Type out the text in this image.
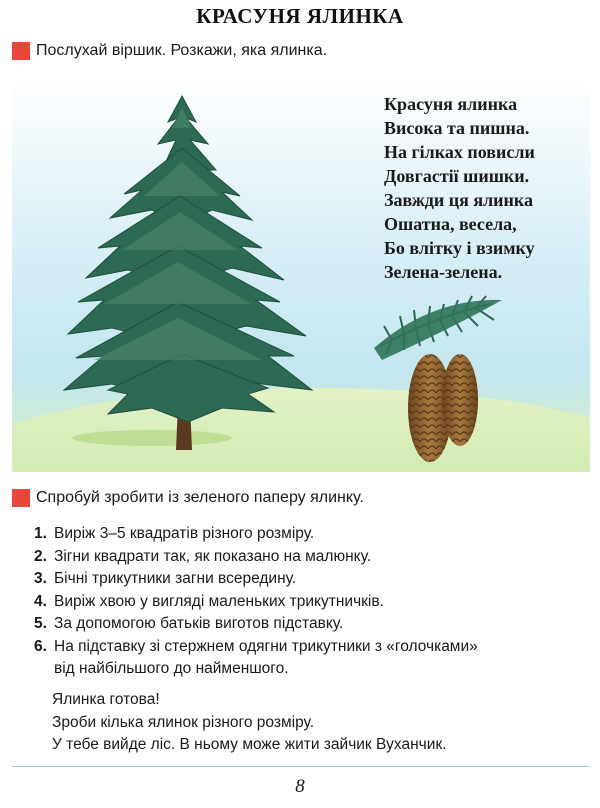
КРАСУНЯ ЯЛИНКА
Послухай віршик. Розкажи, яка ялинка.
Красуня ялинка
Висока та пишна.
На гілках повисли
Довгастії шишки.
Завжди ця ялинка
Ошатна, весела,
Бо влітку і взимку
Зелена-зелена.
Спробуй зробити із зеленого паперу ялинку.
1. Виріж 3–5 квадратів різного розміру.
2. Зігни квадрати так, як показано на малюнку.
3. Бічні трикутники загни всередину.
4. Виріж хвою у вигляді маленьких трикутничків.
5. За допомогою батьків виготов підставку.
6. На підставку зі стержнем одягни трикутники з «голочками»
від найбільшого до найменшого.
Ялинка готова!
Зроби кілька ялинок різного розміру.
У тебе вийде ліс. В ньому може жити зайчик Вуханчик.
8
